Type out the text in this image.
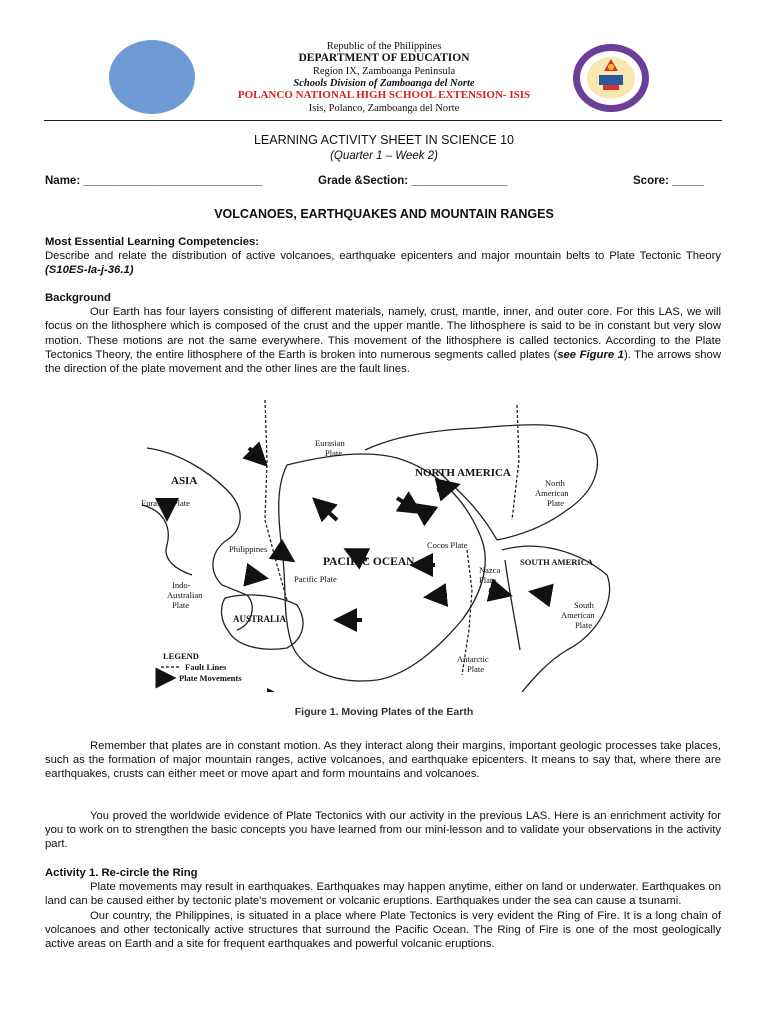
Republic of the Philippines
DEPARTMENT OF EDUCATION
Region IX, Zamboanga Peninsula
Schools Division of Zamboanga del Norte
POLANCO NATIONAL HIGH SCHOOL EXTENSION- ISIS
Isis, Polanco, Zamboanga del Norte
LEARNING ACTIVITY SHEET IN SCIENCE 10
(Quarter 1 – Week 2)
Name: ____________________________	Grade &Section: _______________	Score: _____
VOLCANOES, EARTHQUAKES AND MOUNTAIN RANGES

Most Essential Learning Competencies:

Describe and relate the distribution of active volcanoes, earthquake epicenters and major mountain belts to Plate Tectonic Theory (S10ES-Ia-j-36.1)

Background

Our Earth has four layers consisting of different materials, namely, crust, mantle, inner, and outer core. For this LAS, we will focus on the lithosphere which is composed of the crust and the upper mantle. The lithosphere is said to be in constant but very slow motion. These motions are not the same everywhere. This movement of the lithosphere is called tectonics. According to the Plate Tectonics Theory, the entire lithosphere of the Earth is broken into numerous segments called plates (see Figure 1). The arrows show the direction of the plate movement and the other lines are the fault lines.

ASIA
Eurasian
Plate
Eurasian Plate
NORTH AMERICA
North
American
Plate
Philippines
PACIFIC OCEAN
Cocos Plate
SOUTH AMERICA
Nazca
Plate
Indo-
Australian
Plate
Pacific Plate
AUSTRALIA
South
American
Plate
Antarctic
Plate
LEGEND
Fault Lines
Plate Movements
Figure 1. Moving Plates of the Earth

Remember that plates are in constant motion. As they interact along their margins, important geologic processes take places, such as the formation of major mountain ranges, active volcanoes, and earthquake epicenters. It means to say that, where there are earthquakes, crusts can either meet or move apart and form mountains and volcanoes.

You proved the worldwide evidence of Plate Tectonics with our activity in the previous LAS. Here is an enrichment activity for you to work on to strengthen the basic concepts you have learned from our mini-lesson and to validate your observations in the activity part.

Activity 1. Re-circle the Ring

Plate movements may result in earthquakes. Earthquakes may happen anytime, either on land or underwater. Earthquakes on land can be caused either by tectonic plate's movement or volcanic eruptions. Earthquakes under the sea can cause a tsunami.

Our country, the Philippines, is situated in a place where Plate Tectonics is very evident the Ring of Fire. It is a long chain of volcanoes and other tectonically active structures that surround the Pacific Ocean. The Ring of Fire is one of the most geologically active areas on Earth and a site for frequent earthquakes and powerful volcanic eruptions.
